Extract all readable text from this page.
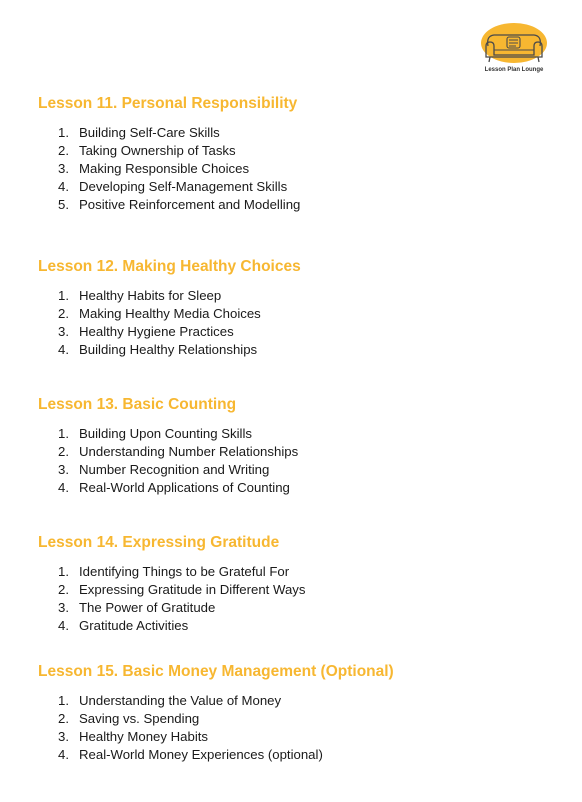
Lesson Plan Lounge
Lesson 11. Personal Responsibility
1. Building Self-Care Skills
2. Taking Ownership of Tasks
3. Making Responsible Choices
4. Developing Self-Management Skills
5. Positive Reinforcement and Modelling
Lesson 12. Making Healthy Choices
1. Healthy Habits for Sleep
2. Making Healthy Media Choices
3. Healthy Hygiene Practices
4. Building Healthy Relationships
Lesson 13. Basic Counting
1. Building Upon Counting Skills
2. Understanding Number Relationships
3. Number Recognition and Writing
4. Real-World Applications of Counting
Lesson 14. Expressing Gratitude
1. Identifying Things to be Grateful For
2. Expressing Gratitude in Different Ways
3. The Power of Gratitude
4. Gratitude Activities
Lesson 15. Basic Money Management (Optional)
1. Understanding the Value of Money
2. Saving vs. Spending
3. Healthy Money Habits
4. Real-World Money Experiences (optional)
